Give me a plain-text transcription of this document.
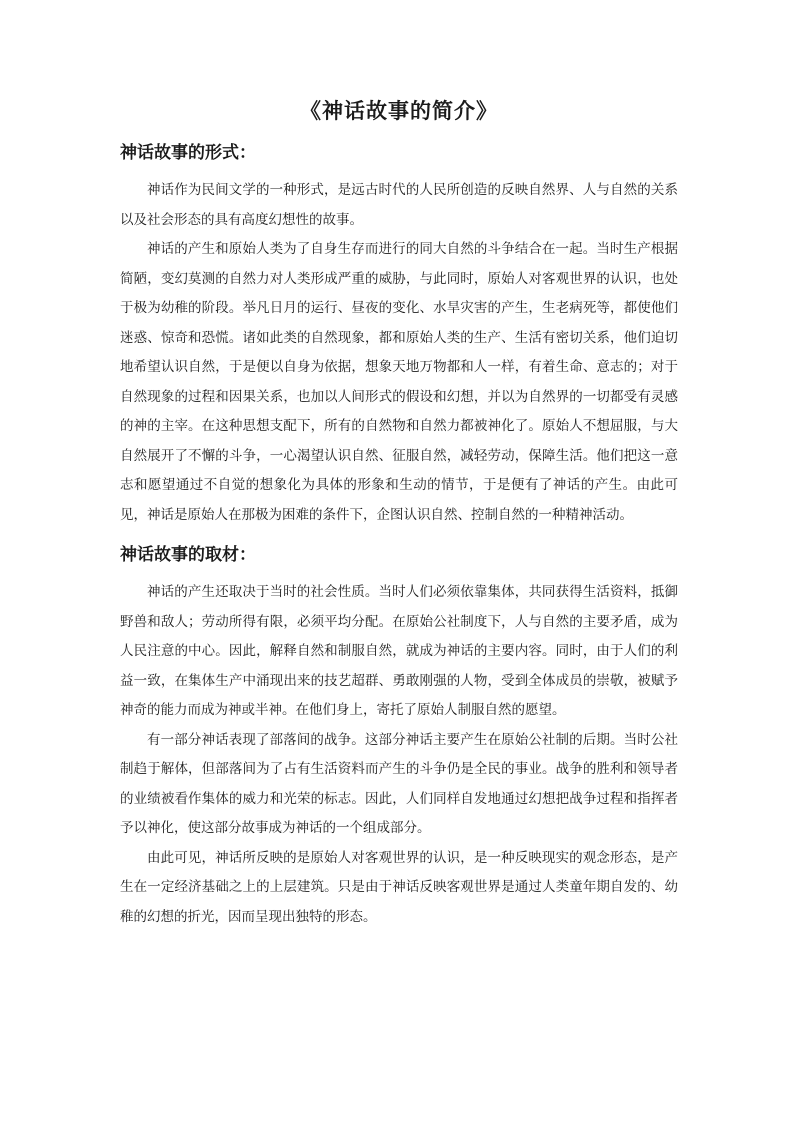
《神话故事的简介》
神话故事的形式：

神话作为民间文学的一种形式，是远古时代的人民所创造的反映自然界、人与自然的关系以及社会形态的具有高度幻想性的故事。

神话的产生和原始人类为了自身生存而进行的同大自然的斗争结合在一起。当时生产根据简陋，变幻莫测的自然力对人类形成严重的威胁，与此同时，原始人对客观世界的认识，也处于极为幼稚的阶段。举凡日月的运行、昼夜的变化、水旱灾害的产生，生老病死等，都使他们迷惑、惊奇和恐慌。诸如此类的自然现象，都和原始人类的生产、生活有密切关系，他们迫切地希望认识自然，于是便以自身为依据，想象天地万物都和人一样，有着生命、意志的；对于自然现象的过程和因果关系，也加以人间形式的假设和幻想，并以为自然界的一切都受有灵感的神的主宰。在这种思想支配下，所有的自然物和自然力都被神化了。原始人不想屈服，与大自然展开了不懈的斗争，一心渴望认识自然、征服自然，减轻劳动，保障生活。他们把这一意志和愿望通过不自觉的想象化为具体的形象和生动的情节，于是便有了神话的产生。由此可见，神话是原始人在那极为困难的条件下，企图认识自然、控制自然的一种精神活动。

神话故事的取材：

神话的产生还取决于当时的社会性质。当时人们必须依靠集体，共同获得生活资料，抵御野兽和敌人；劳动所得有限，必须平均分配。在原始公社制度下，人与自然的主要矛盾，成为人民注意的中心。因此，解释自然和制服自然，就成为神话的主要内容。同时，由于人们的利益一致，在集体生产中涌现出来的技艺超群、勇敢刚强的人物，受到全体成员的崇敬，被赋予神奇的能力而成为神或半神。在他们身上，寄托了原始人制服自然的愿望。

有一部分神话表现了部落间的战争。这部分神话主要产生在原始公社制的后期。当时公社制趋于解体，但部落间为了占有生活资料而产生的斗争仍是全民的事业。战争的胜利和领导者的业绩被看作集体的威力和光荣的标志。因此，人们同样自发地通过幻想把战争过程和指挥者予以神化，使这部分故事成为神话的一个组成部分。

由此可见，神话所反映的是原始人对客观世界的认识，是一种反映现实的观念形态，是产生在一定经济基础之上的上层建筑。只是由于神话反映客观世界是通过人类童年期自发的、幼稚的幻想的折光，因而呈现出独特的形态。
